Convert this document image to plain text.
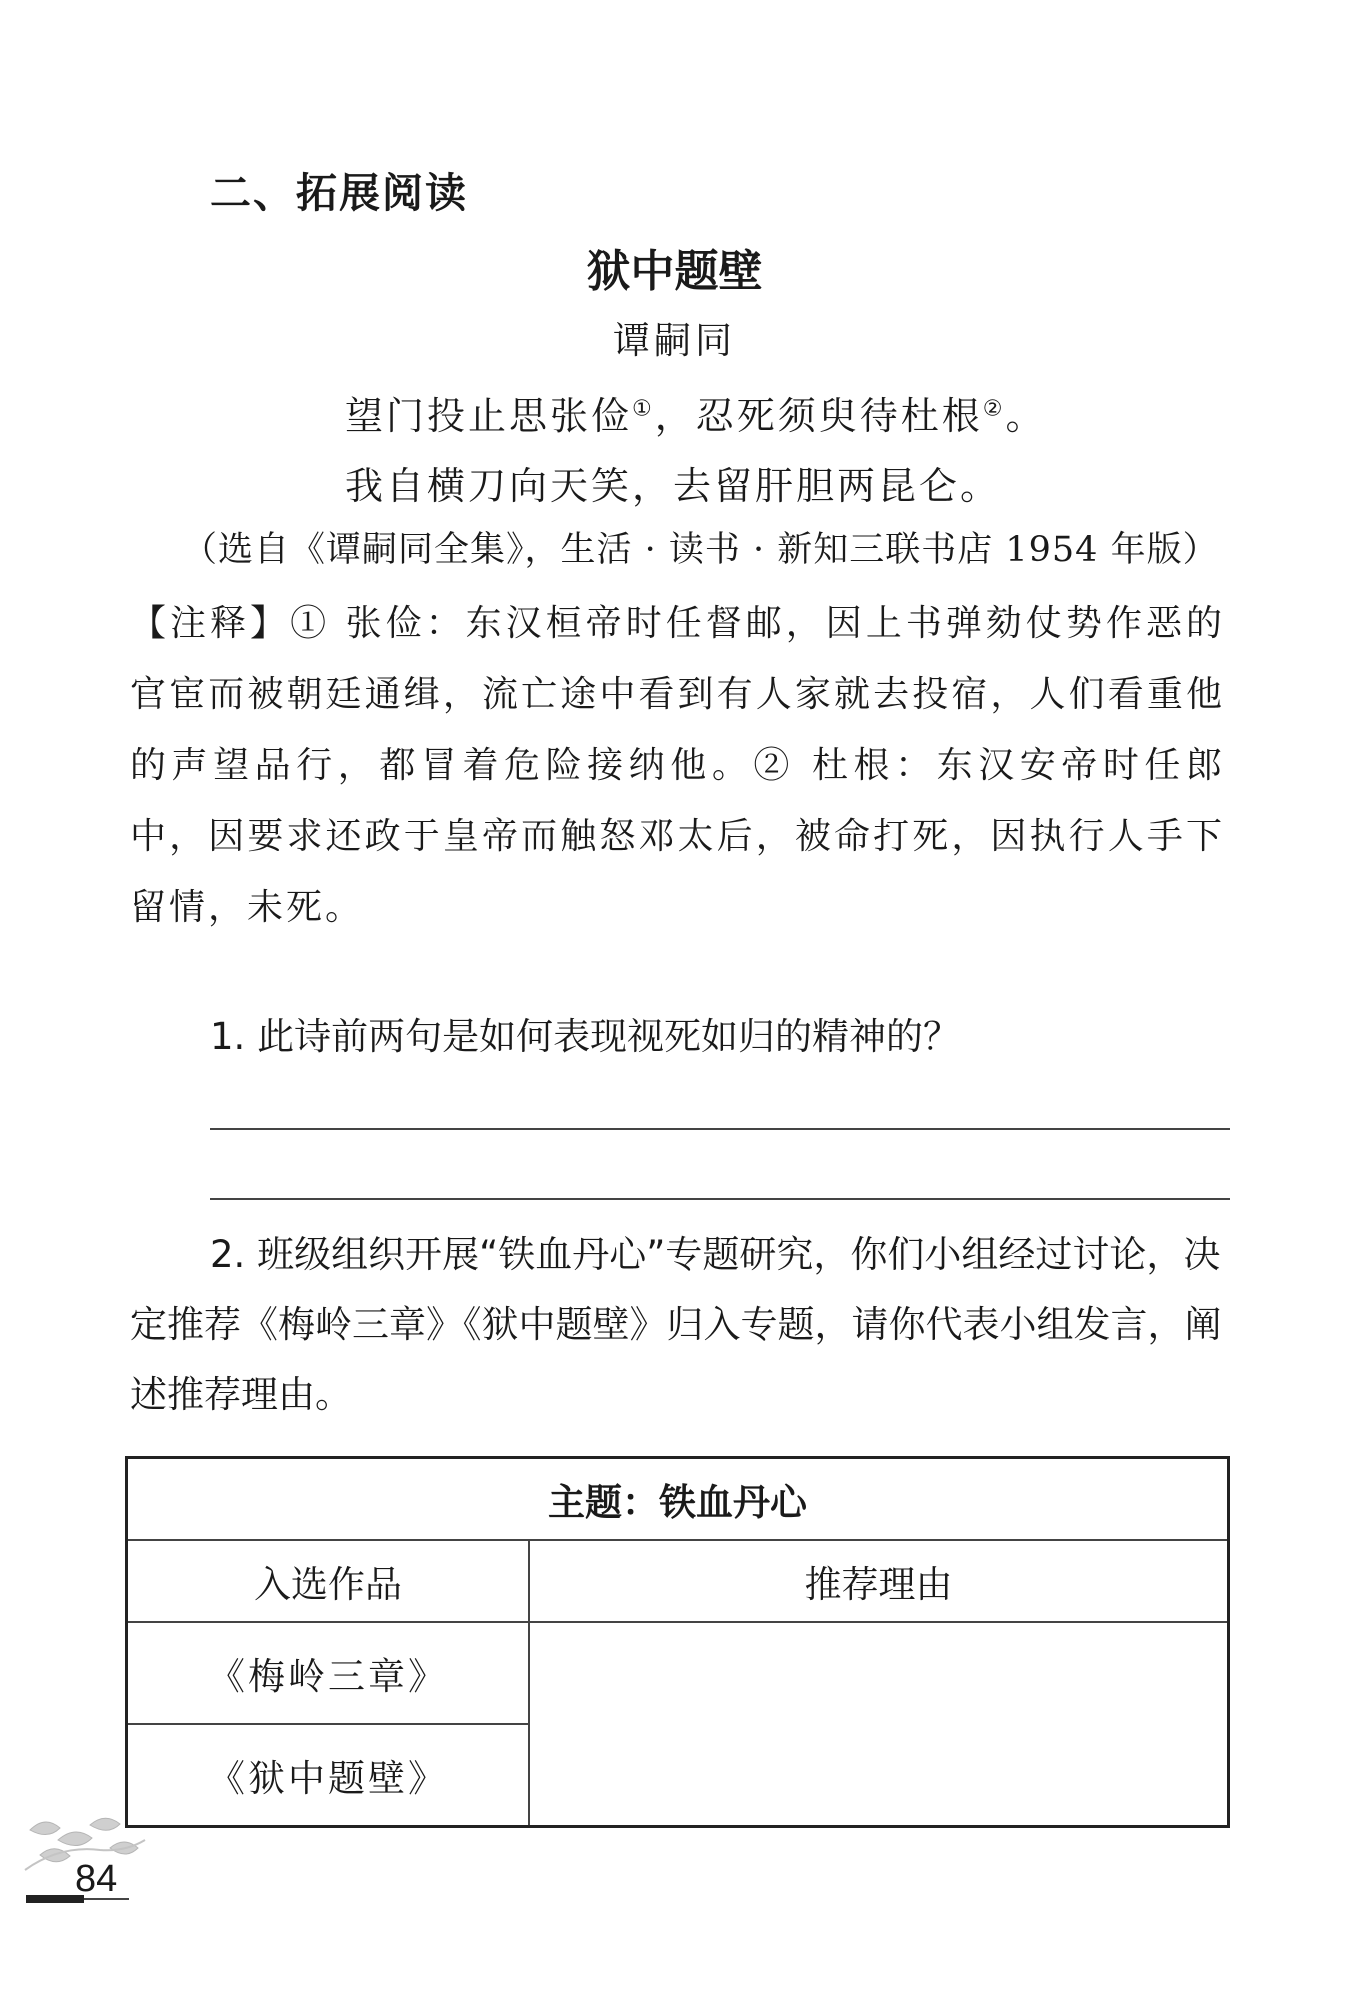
二、拓展阅读
狱中题壁
谭嗣同
望门投止思张俭①，忍死须臾待杜根②。
我自横刀向天笑，去留肝胆两昆仑。
（选自《谭嗣同全集》，生活 · 读书 · 新知三联书店 1954 年版）
【注释】① 张俭：东汉桓帝时任督邮，因上书弹劾仗势作恶的官宦而被朝廷通缉，流亡途中看到有人家就去投宿，人们看重他的声望品行，都冒着危险接纳他。② 杜根：东汉安帝时任郎中，因要求还政于皇帝而触怒邓太后，被命打死，因执行人手下留情，未死。
1. 此诗前两句是如何表现视死如归的精神的？
2. 班级组织开展“铁血丹心”专题研究，你们小组经过讨论，决定推荐《梅岭三章》《狱中题壁》归入专题，请你代表小组发言，阐述推荐理由。
主题：铁血丹心	
入选作品	推荐理由
《梅岭三章》	
《狱中题壁》	
84
